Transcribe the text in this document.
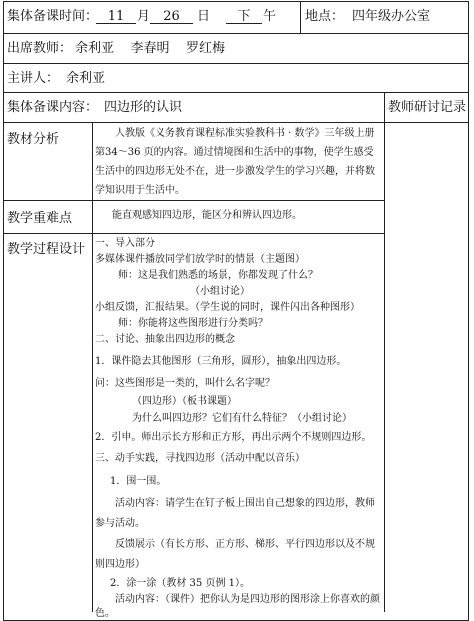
集体备课时间： 11 月	26	日	下 午 地点： 四年级办公室
出席教师： 余利亚    李春明    罗红梅
主讲人： 余利亚
集体备课内容： 四边形的认识	教师研讨记录
教材分析	人教版《义务教育课程标准实验教科书 · 数学》三年级上册第34～36 页的内容。通过情境图和生活中的事物，使学生感受生活中的四边形无处不在，进一步激发学生的学习兴趣，并将数学知识用于生活中。
教学重难点	能直观感知四边形，能区分和辨认四边形。
教学过程设计 一、导入部分
多媒体课件播放同学们放学时的情景（主题图）
师：这是我们熟悉的场景，你都发现了什么？
（小组讨论）
小组反馈，汇报结果。（学生说的同时，课件闪出各种图形）
师：你能将这些图形进行分类吗？
二、讨论、抽象出四边形的概念
1．课件隐去其他图形（三角形，圆形），抽象出四边形。
问：这些图形是一类的，叫什么名字呢？
（四边形）（板书课题）
为什么叫四边形？它们有什么特征？（小组讨论）
2．引申。师出示长方形和正方形，再出示两个不规则四边形。
三、动手实践，寻找四边形（活动中配以音乐）
1．围一围。
活动内容：请学生在钉子板上围出自己想象的四边形，教师参与活动。
反馈展示（有长方形、正方形、梯形、平行四边形以及不规则四边形）
2．涂一涂（教材 35 页例 1）。
活动内容：（课件）把你认为是四边形的图形涂上你喜欢的颜色。
